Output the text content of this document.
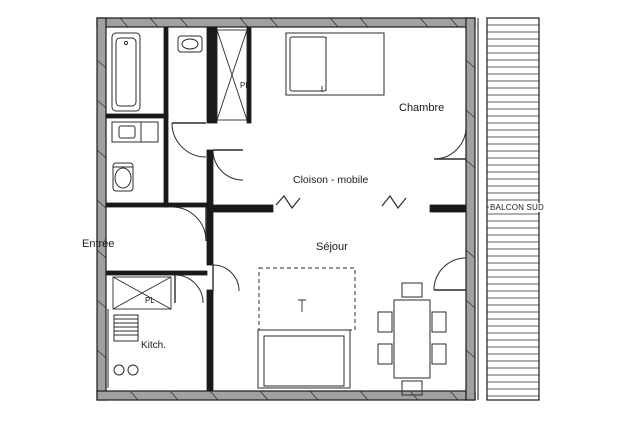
Chambre
Cloison - mobile
Séjour
Entrée
Kitch.
PL
PL
BALCON SUD
